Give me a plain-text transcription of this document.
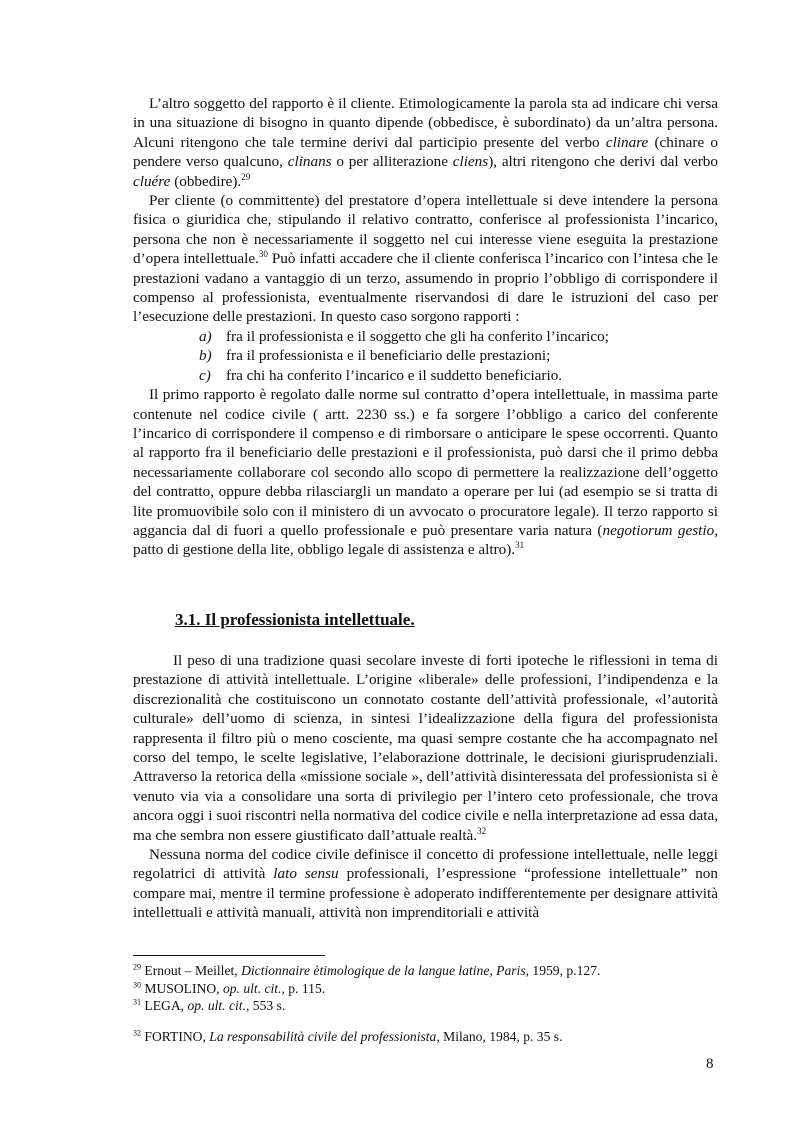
L’altro soggetto del rapporto è il cliente. Etimologicamente la parola sta ad indicare chi versa in una situazione di bisogno in quanto dipende (obbedisce, è subordinato) da un’altra persona. Alcuni ritengono che tale termine derivi dal participio presente del verbo clinare (chinare o pendere verso qualcuno, clinans o per alliterazione cliens), altri ritengono che derivi dal verbo cluére (obbedire).$^{29}$

Per cliente (o committente) del prestatore d’opera intellettuale si deve intendere la persona fisica o giuridica che, stipulando il relativo contratto, conferisce al professionista l’incarico, persona che non è necessariamente il soggetto nel cui interesse viene eseguita la prestazione d’opera intellettuale.$^{30}$ Può infatti accadere che il cliente conferisca l’incarico con l’intesa che le prestazioni vadano a vantaggio di un terzo, assumendo in proprio l’obbligo di corrispondere il compenso al professionista, eventualmente riservandosi di dare le istruzioni del caso per l’esecuzione delle prestazioni. In questo caso sorgono rapporti :

a) fra il professionista e il soggetto che gli ha conferito l’incarico;
b) fra il professionista e il beneficiario delle prestazioni;
c) fra chi ha conferito l’incarico e il suddetto beneficiario.

Il primo rapporto è regolato dalle norme sul contratto d’opera intellettuale, in massima parte contenute nel codice civile ( artt. 2230 ss.) e fa sorgere l’obbligo a carico del conferente l’incarico di corrispondere il compenso e di rimborsare o anticipare le spese occorrenti. Quanto al rapporto fra il beneficiario delle prestazioni e il professionista, può darsi che il primo debba necessariamente collaborare col secondo allo scopo di permettere la realizzazione dell’oggetto del contratto, oppure debba rilasciargli un mandato a operare per lui (ad esempio se si tratta di lite promuovibile solo con il ministero di un avvocato o procuratore legale). Il terzo rapporto si aggancia dal di fuori a quello professionale e può presentare varia natura (negotiorum gestio, patto di gestione della lite, obbligo legale di assistenza e altro).$^{31}$

3.1. Il professionista intellettuale.

Il peso di una tradizione quasi secolare investe di forti ipoteche le riflessioni in tema di prestazione di attività intellettuale. L’origine «liberale» delle professioni, l’indipendenza e la discrezionalità che costituiscono un connotato costante dell’attività professionale, «l’autorità culturale» dell’uomo di scienza, in sintesi l’idealizzazione della figura del professionista rappresenta il filtro più o meno cosciente, ma quasi sempre costante che ha accompagnato nel corso del tempo, le scelte legislative, l’elaborazione dottrinale, le decisioni giurisprudenziali. Attraverso la retorica della «missione sociale », dell’attività disinteressata del professionista si è venuto via via a consolidare una sorta di privilegio per l’intero ceto professionale, che trova ancora oggi i suoi riscontri nella normativa del codice civile e nella interpretazione ad essa data, ma che sembra non essere giustificato dall’attuale realtà.$^{32}$

Nessuna norma del codice civile definisce il concetto di professione intellettuale, nelle leggi regolatrici di attività lato sensu professionali, l’espressione “professione intellettuale” non compare mai, mentre il termine professione è adoperato indifferentemente per designare attività intellettuali e attività manuali, attività non imprenditoriali e attività

$^{29}$ Ernout – Meillet, Dictionnaire ètimologique de la langue latine, Paris, 1959, p.127.

$^{30}$ MUSOLINO, op. ult. cit., p. 115.

$^{31}$ LEGA, op. ult. cit., 553 s.

$^{32}$ FORTINO, La responsabilità civile del professionista, Milano, 1984, p. 35 s.

8
